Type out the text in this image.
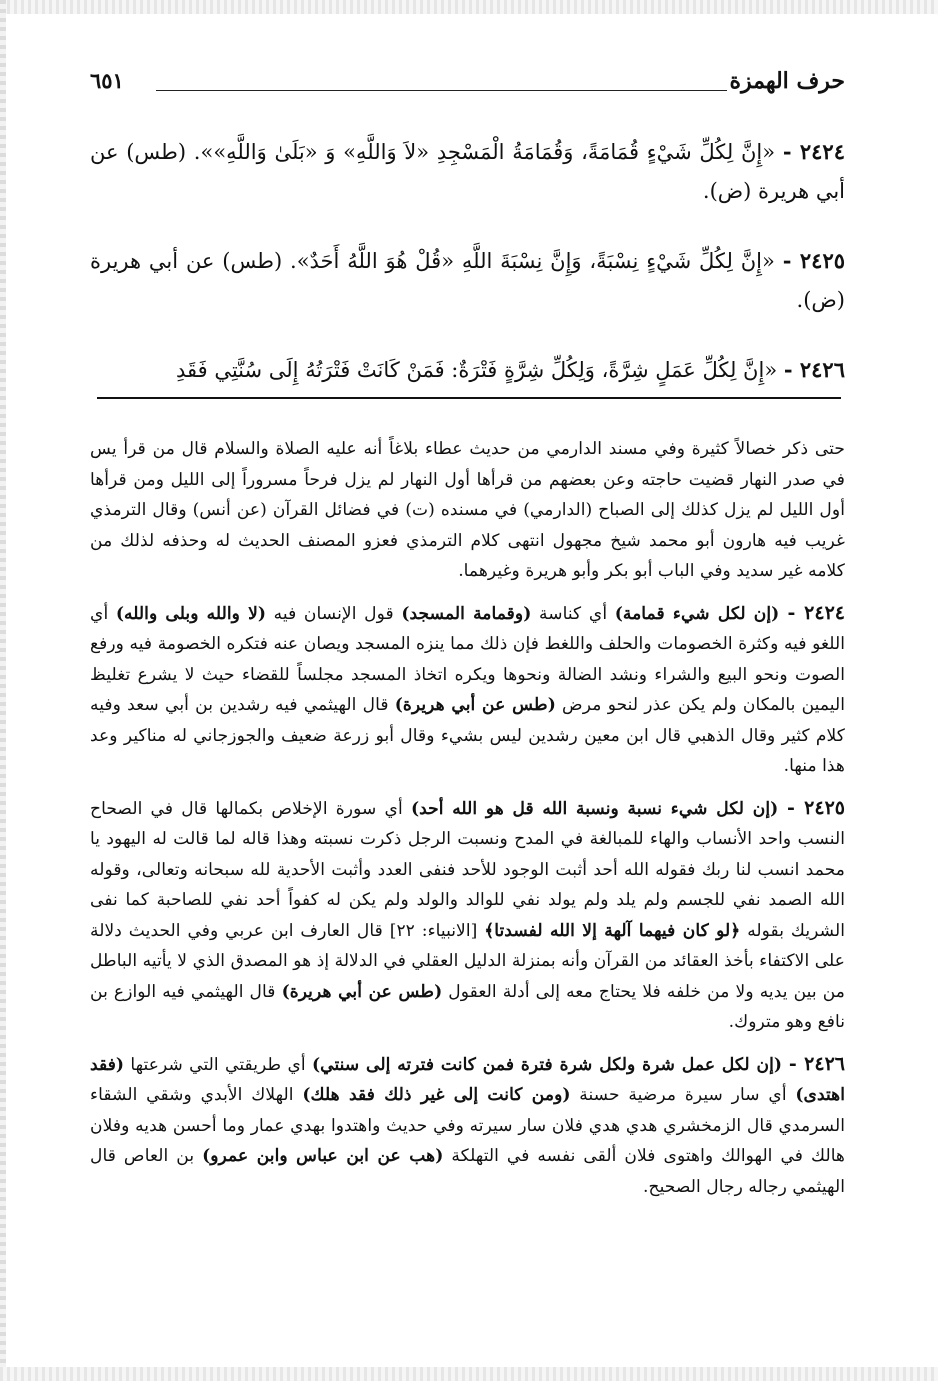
حرف الهمزة
٦٥١
٢٤٢٤ - «إِنَّ لِكُلِّ شَيْءٍ قُمَامَةً، وَقُمَامَةُ الْمَسْجِدِ «لاَ وَاللَّهِ» وَ «بَلَىٰ وَاللَّهِ»». (طس) عن أبي هريرة (ض).
٢٤٢٥ - «إِنَّ لِكُلِّ شَيْءٍ نِسْبَةً، وَإِنَّ نِسْبَةَ اللَّهِ «قُلْ هُوَ اللَّهُ أَحَدٌ». (طس) عن أبي هريرة (ض).
٢٤٢٦ - «إِنَّ لِكُلِّ عَمَلٍ شِرَّةً، وَلِكُلِّ شِرَّةٍ فَتْرَةٌ: فَمَنْ كَانَتْ فَتْرَتُهُ إِلَى سُنَّتِي فَقَدِ

حتى ذكر خصالاً كثيرة وفي مسند الدارمي من حديث عطاء بلاغاً أنه عليه الصلاة والسلام قال من قرأ يس في صدر النهار قضيت حاجته وعن بعضهم من قرأها أول النهار لم يزل فرحاً مسروراً إلى الليل ومن قرأها أول الليل لم يزل كذلك إلى الصباح (الدارمي) في مسنده (ت) في فضائل القرآن (عن أنس) وقال الترمذي غريب فيه هارون أبو محمد شيخ مجهول انتهى كلام الترمذي فعزو المصنف الحديث له وحذفه لذلك من كلامه غير سديد وفي الباب أبو بكر وأبو هريرة وغيرهما.

٢٤٢٤ - (إن لكل شيء قمامة) أي كناسة (وقمامة المسجد) قول الإنسان فيه (لا والله وبلى والله) أي اللغو فيه وكثرة الخصومات والحلف واللغط فإن ذلك مما ينزه المسجد ويصان عنه فتكره الخصومة فيه ورفع الصوت ونحو البيع والشراء ونشد الضالة ونحوها ويكره اتخاذ المسجد مجلساً للقضاء حيث لا يشرع تغليظ اليمين بالمكان ولم يكن عذر لنحو مرض (طس عن أبي هريرة) قال الهيثمي فيه رشدين بن أبي سعد وفيه كلام كثير وقال الذهبي قال ابن معين رشدين ليس بشيء وقال أبو زرعة ضعيف والجوزجاني له مناكير وعد هذا منها.

٢٤٢٥ - (إن لكل شيء نسبة ونسبة الله قل هو الله أحد) أي سورة الإخلاص بكمالها قال في الصحاح النسب واحد الأنساب والهاء للمبالغة في المدح ونسبت الرجل ذكرت نسبته وهذا قاله لما قالت له اليهود يا محمد انسب لنا ربك فقوله الله أحد أثبت الوجود للأحد فنفى العدد وأثبت الأحدية لله سبحانه وتعالى، وقوله الله الصمد نفي للجسم ولم يلد ولم يولد نفي للوالد والولد ولم يكن له كفواً أحد نفي للصاحبة كما نفى الشريك بقوله ﴿لو كان فيهما آلهة إلا الله لفسدتا﴾ [الانبياء: ٢٢] قال العارف ابن عربي وفي الحديث دلالة على الاكتفاء بأخذ العقائد من القرآن وأنه بمنزلة الدليل العقلي في الدلالة إذ هو المصدق الذي لا يأتيه الباطل من بين يديه ولا من خلفه فلا يحتاج معه إلى أدلة العقول (طس عن أبي هريرة) قال الهيثمي فيه الوازع بن نافع وهو متروك.

٢٤٢٦ - (إن لكل عمل شرة ولكل شرة فترة فمن كانت فترته إلى سنتي) أي طريقتي التي شرعتها (فقد اهتدى) أي سار سيرة مرضية حسنة (ومن كانت إلى غير ذلك فقد هلك) الهلاك الأبدي وشقي الشقاء السرمدي قال الزمخشري هدي هدي فلان سار سيرته وفي حديث واهتدوا بهدي عمار وما أحسن هديه وفلان هالك في الهوالك واهتوى فلان ألقى نفسه في التهلكة (هب عن ابن عباس وابن عمرو) بن العاص قال الهيثمي رجاله رجال الصحيح.
